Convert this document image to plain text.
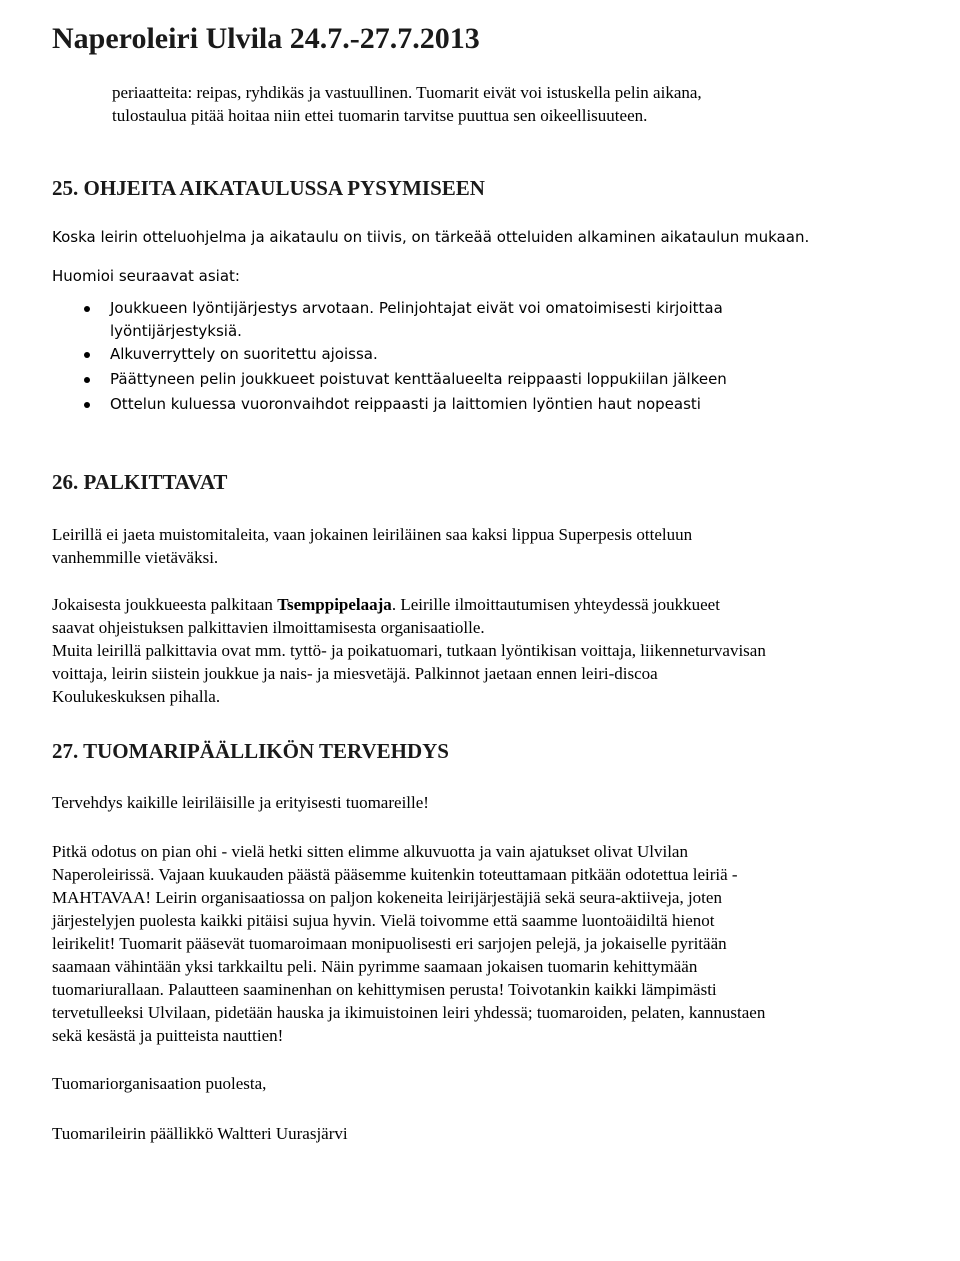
Naperoleiri Ulvila 24.7.-27.7.2013
periaatteita: reipas, ryhdikäs ja vastuullinen. Tuomarit eivät voi istuskella pelin aikana,
tulostaulua pitää hoitaa niin ettei tuomarin tarvitse puuttua sen oikeellisuuteen.
25. OHJEITA AIKATAULUSSA PYSYMISEEN
Koska leirin otteluohjelma ja aikataulu on tiivis, on tärkeää otteluiden alkaminen aikataulun mukaan.
Huomioi seuraavat asiat:
Joukkueen lyöntijärjestys arvotaan. Pelinjohtajat eivät voi omatoimisesti kirjoittaa
lyöntijärjestyksiä.
Alkuverryttely on suoritettu ajoissa.
Päättyneen pelin joukkueet poistuvat kenttäalueelta reippaasti loppukiilan jälkeen
Ottelun kuluessa vuoronvaihdot reippaasti ja laittomien lyöntien haut nopeasti
26. PALKITTAVAT
Leirillä ei jaeta muistomitaleita, vaan jokainen leiriläinen saa kaksi lippua Superpesis otteluun
vanhemmille vietäväksi.
Jokaisesta joukkueesta palkitaan Tsemppipelaaja. Leirille ilmoittautumisen yhteydessä joukkueet
saavat ohjeistuksen palkittavien ilmoittamisesta organisaatiolle.
Muita leirillä palkittavia ovat mm. tyttö- ja poikatuomari, tutkaan lyöntikisan voittaja, liikenneturvavisan
voittaja, leirin siistein joukkue ja nais- ja miesvetäjä. Palkinnot jaetaan ennen leiri-discoa
Koulukeskuksen pihalla.
27. TUOMARIPÄÄLLIKÖN TERVEHDYS
Tervehdys kaikille leiriläisille ja erityisesti tuomareille!
Pitkä odotus on pian ohi - vielä hetki sitten elimme alkuvuotta ja vain ajatukset olivat Ulvilan
Naperoleirissä. Vajaan kuukauden päästä pääsemme kuitenkin toteuttamaan pitkään odotettua leiriä -
MAHTAVAA! Leirin organisaatiossa on paljon kokeneita leirijärjestäjiä sekä seura-aktiiveja, joten
järjestelyjen puolesta kaikki pitäisi sujua hyvin. Vielä toivomme että saamme luontoäidiltä hienot
leirikelit! Tuomarit pääsevät tuomaroimaan monipuolisesti eri sarjojen pelejä, ja jokaiselle pyritään
saamaan vähintään yksi tarkkailtu peli. Näin pyrimme saamaan jokaisen tuomarin kehittymään
tuomariurallaan. Palautteen saaminenhan on kehittymisen perusta! Toivotankin kaikki lämpimästi
tervetulleeksi Ulvilaan, pidetään hauska ja ikimuistoinen leiri yhdessä; tuomaroiden, pelaten, kannustaen
sekä kesästä ja puitteista nauttien!
Tuomariorganisaation puolesta,
Tuomarileirin päällikkö Waltteri Uurasjärvi
